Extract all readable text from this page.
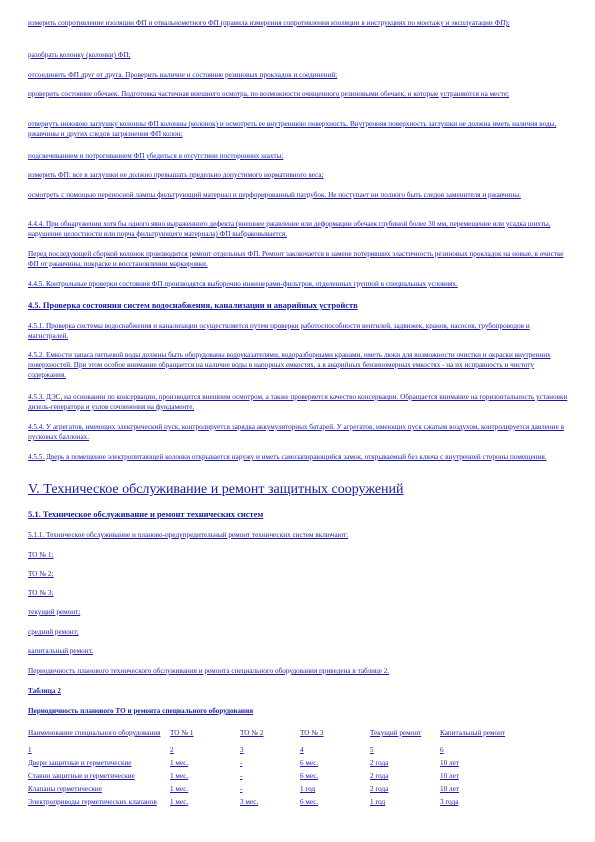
измерить сопротивление изоляции ФП и отвальнометного ФП (правила измерения сопротивления изоляции в инструкциях по монтажу и эксплуатации ФП);
разобрать колонку (колонки) ФП;
отсоединить ФП друг от друга. Проверить наличие и состояние резиновых прокладок и соединений;
проверить состояние обечаек. Подготовка частичная внешнего осмотра, по возможности очищенного резиновыми обечаек, и которые устраняются на месте;
отвернуть нижнюю заглушку колонны ФП колонны (колонок) и осмотреть ее внутреннюю поверхность. Внутренняя поверхность заглушки не должна иметь наличия воды, ржавчины и других следов загрязнения ФП колон;
подсвечиванием и потрогиванием ФП убедиться в отсутствии посторонних шахты;
измерить ФП: все в заглушки не должно превышать предельно допустимого нормативного веса;
осмотреть с помощью переносной лампы фильтрующий материал и перфорированный патрубок. Не поступает ни полного быть следов заменителя и ржавчины.
4.4.4. При обнаружении хотя бы одного явно выраженного дефекта (внешнее ржавление или деформации обечаек глубиной более 30 мм, перемещение или усадка шихты, нарушение целостности или порча фильтрующего материала) ФП выбраковывается.
Перед последующей сборкой колонок производится ремонт отдельных ФП. Ремонт заключается в замене потерявших эластичность резиновых прокладок на новые, в очистке ФП от ржавчины, покраске и восстановлении маркировки.
4.4.5. Контрольные проверки состояния ФП производятся выборочно инженерами-фильтров, отделенных группой в специальных условиях.
4.5. Проверка состояния систем водоснабжения, канализации и аварийных устройств
4.5.1. Проверка системы водоснабжения и канализации осуществляется путем проверки работоспособности вентилей, задвижек, кранов, насосов, трубопроводов и магистралей.
4.5.2. Емкости запаса питьевой воды должны быть оборудованы водоуказателями, водоразборными кранами, иметь люки для возможности очистки и окраски внутренних поверхностей. При этом особое внимание обращается на наличие воды в напорных емкостях, а в аварийных бензиномерных емкостях - на их исправность и чистоту содержания.
4.5.3. ДЭС, на основании по консервации, производится внешним осмотром, а также проверяется качество консервации. Обращается внимание на горизонтальность установки дизель-генератора и узлов сочленения на фундаменте.
4.5.4. У агрегатов, имеющих электрический пуск, контролируется зарядка аккумуляторных батарей. У агрегатов, имеющих пуск сжатым воздухом, контролируется давление в пусковых баллонах.
4.5.5. Дверь в помещение электропитающей колонки открывается наружу и иметь самозапирающийся замок, открываемый без ключа с внутренней стороны помещения.
V. Техническое обслуживание и ремонт защитных сооружений
5.1. Техническое обслуживание и ремонт технических систем
5.1.1. Техническое обслуживание и планово-предупредительный ремонт технических систем включают:
ТО № 1;
ТО № 2;
ТО № 3;
текущий ремонт;
средний ремонт;
капитальный ремонт.
Периодичность планового технического обслуживания и ремонта специального оборудования приведена в таблице 2.
Таблица 2
Периодичность планового ТО и ремонта специального оборудования
Наименование специального оборудования	ТО № 1	ТО № 2	ТО № 3	Текущий ремонт	Капитальный ремонт
1	2	3	4	5	6
Двери защитные и герметические	1 мес.	-	6 мес.	2 года	10 лет
Ставни защитные и герметические	1 мес.	-	6 мес.	2 года	10 лет
Клапаны герметические	1 мес.	-	1 год	2 года	10 лет
Электроприводы герметических клапанов	1 мес.	3 мес.	6 мес.	1 год	3 года
